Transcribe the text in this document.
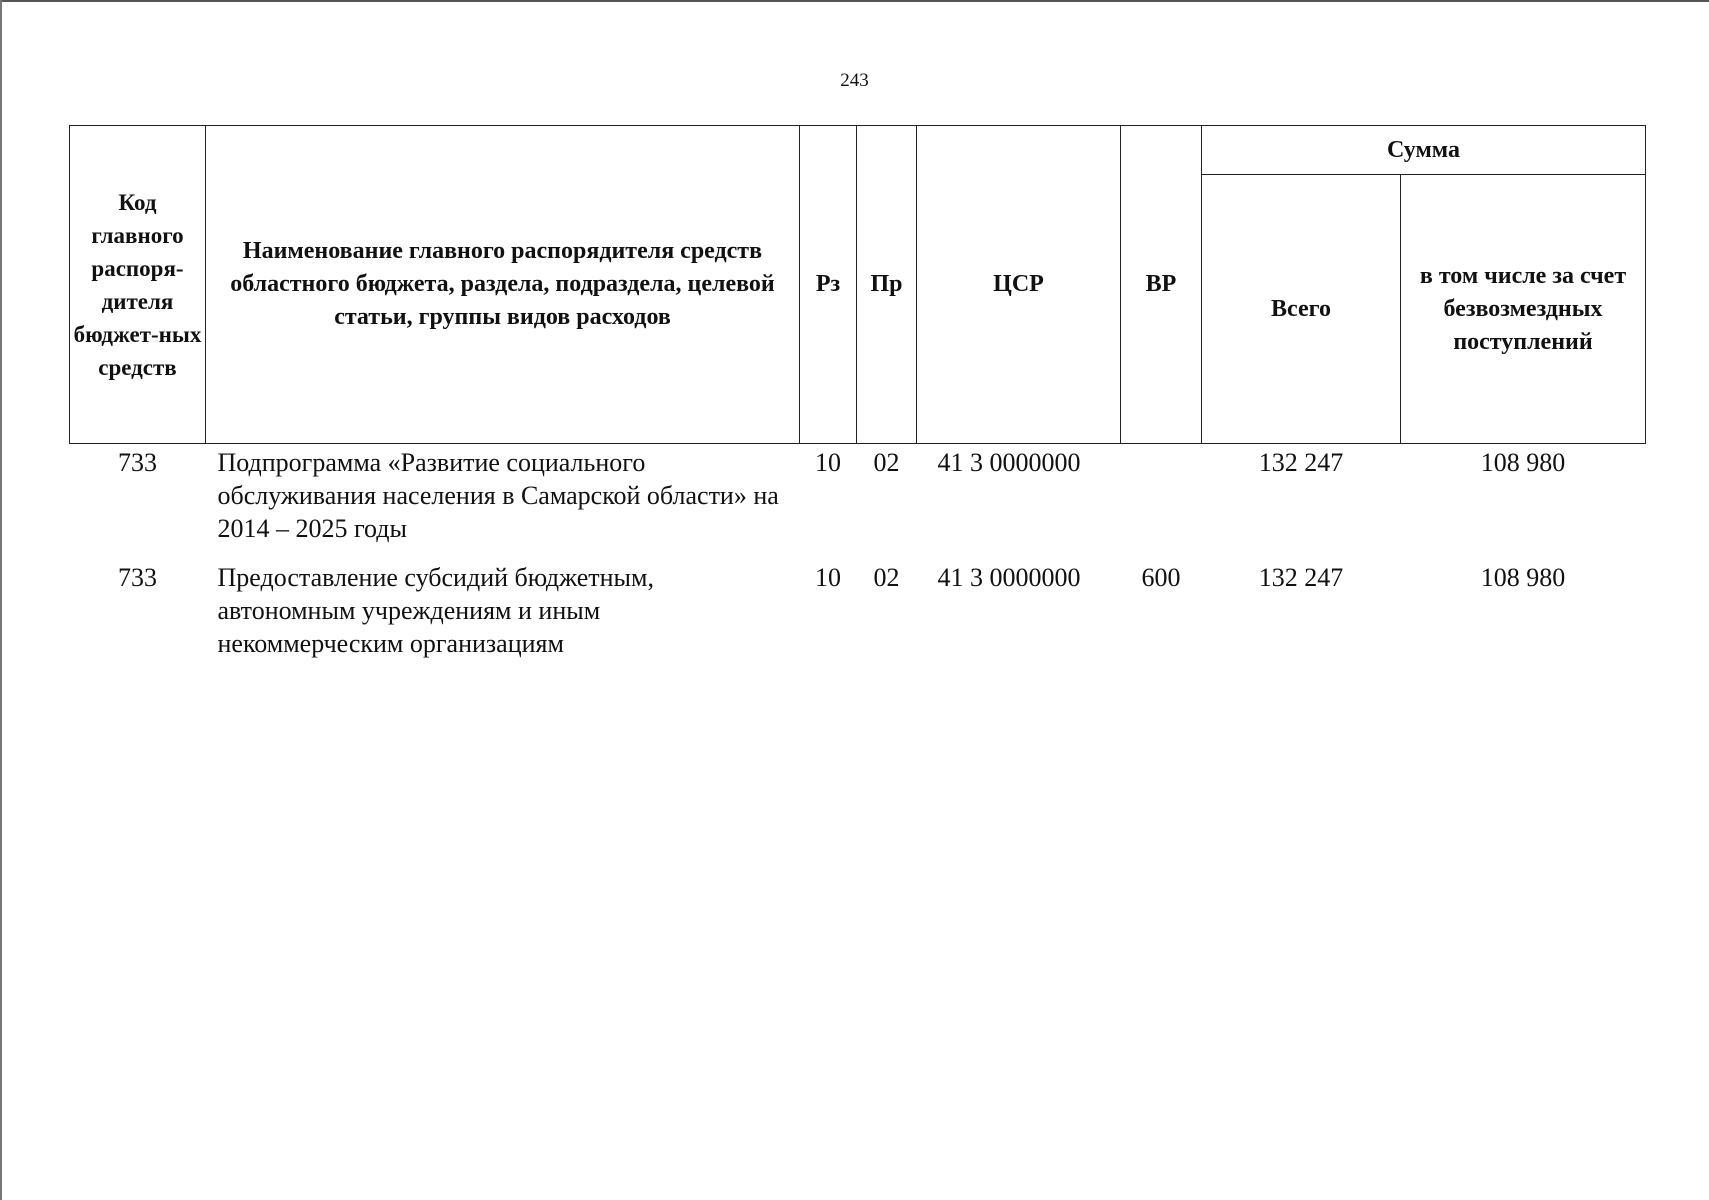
243
Код главного распоря-дителя бюджет-ных средств	Наименование главного распорядителя средств областного бюджета, раздела, подраздела, целевой статьи, группы видов расходов	Рз	Пр	ЦСР	ВР	Сумма	
						Всего	в том числе за счет безвозмездных поступлений
733	Подпрограмма «Развитие социального обслуживания населения в Самарской области» на 2014 – 2025 годы	10	02	41 3 0000000		132 247	108 980
733	Предоставление субсидий бюджетным, автономным учреждениям и иным некоммерческим организациям	10	02	41 3 0000000	600	132 247	108 980
